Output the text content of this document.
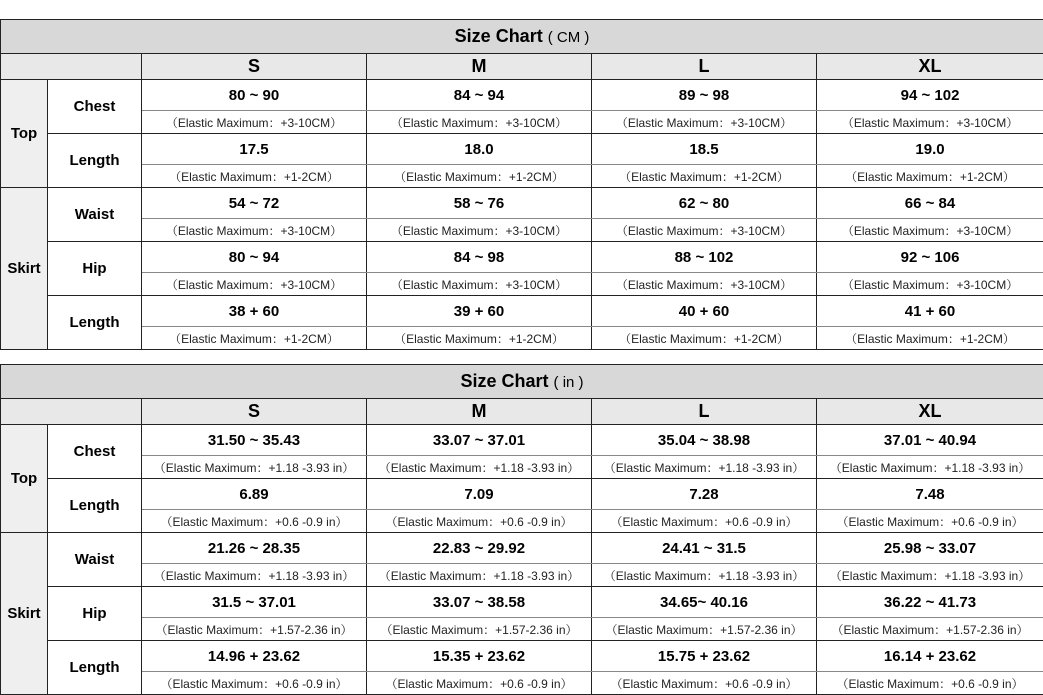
Size Chart ( CM )					
		S	M	L	XL
Top	Chest	80 ~ 90	84 ~ 94	89 ~ 98	94 ~ 102
		（Elastic Maximum：+3-10CM）	（Elastic Maximum：+3-10CM）	（Elastic Maximum：+3-10CM）	（Elastic Maximum：+3-10CM）
	Length	17.5	18.0	18.5	19.0
		（Elastic Maximum：+1-2CM）	（Elastic Maximum：+1-2CM）	（Elastic Maximum：+1-2CM）	（Elastic Maximum：+1-2CM）
Skirt	Waist	54 ~ 72	58 ~ 76	62 ~ 80	66 ~ 84
		（Elastic Maximum：+3-10CM）	（Elastic Maximum：+3-10CM）	（Elastic Maximum：+3-10CM）	（Elastic Maximum：+3-10CM）
	Hip	80 ~ 94	84 ~ 98	88 ~ 102	92 ~ 106
		（Elastic Maximum：+3-10CM）	（Elastic Maximum：+3-10CM）	（Elastic Maximum：+3-10CM）	（Elastic Maximum：+3-10CM）
	Length	38 + 60	39 + 60	40 + 60	41 + 60
		（Elastic Maximum：+1-2CM）	（Elastic Maximum：+1-2CM）	（Elastic Maximum：+1-2CM）	（Elastic Maximum：+1-2CM）
Size Chart ( in )					
		S	M	L	XL
Top	Chest	31.50 ~ 35.43	33.07 ~ 37.01	35.04 ~ 38.98	37.01 ~ 40.94
		（Elastic Maximum：+1.18 -3.93 in）	（Elastic Maximum：+1.18 -3.93 in）	（Elastic Maximum：+1.18 -3.93 in）	（Elastic Maximum：+1.18 -3.93 in）
	Length	6.89	7.09	7.28	7.48
		（Elastic Maximum：+0.6 -0.9 in）	（Elastic Maximum：+0.6 -0.9 in）	（Elastic Maximum：+0.6 -0.9 in）	（Elastic Maximum：+0.6 -0.9 in）
Skirt	Waist	21.26 ~ 28.35	22.83 ~ 29.92	24.41 ~ 31.5	25.98 ~ 33.07
		（Elastic Maximum：+1.18 -3.93 in）	（Elastic Maximum：+1.18 -3.93 in）	（Elastic Maximum：+1.18 -3.93 in）	（Elastic Maximum：+1.18 -3.93 in）
	Hip	31.5 ~ 37.01	33.07 ~ 38.58	34.65~ 40.16	36.22 ~ 41.73
		（Elastic Maximum：+1.57-2.36 in）	（Elastic Maximum：+1.57-2.36 in）	（Elastic Maximum：+1.57-2.36 in）	（Elastic Maximum：+1.57-2.36 in）
	Length	14.96 + 23.62	15.35 + 23.62	15.75 + 23.62	16.14 + 23.62
		（Elastic Maximum：+0.6 -0.9 in）	（Elastic Maximum：+0.6 -0.9 in）	（Elastic Maximum：+0.6 -0.9 in）	（Elastic Maximum：+0.6 -0.9 in）
